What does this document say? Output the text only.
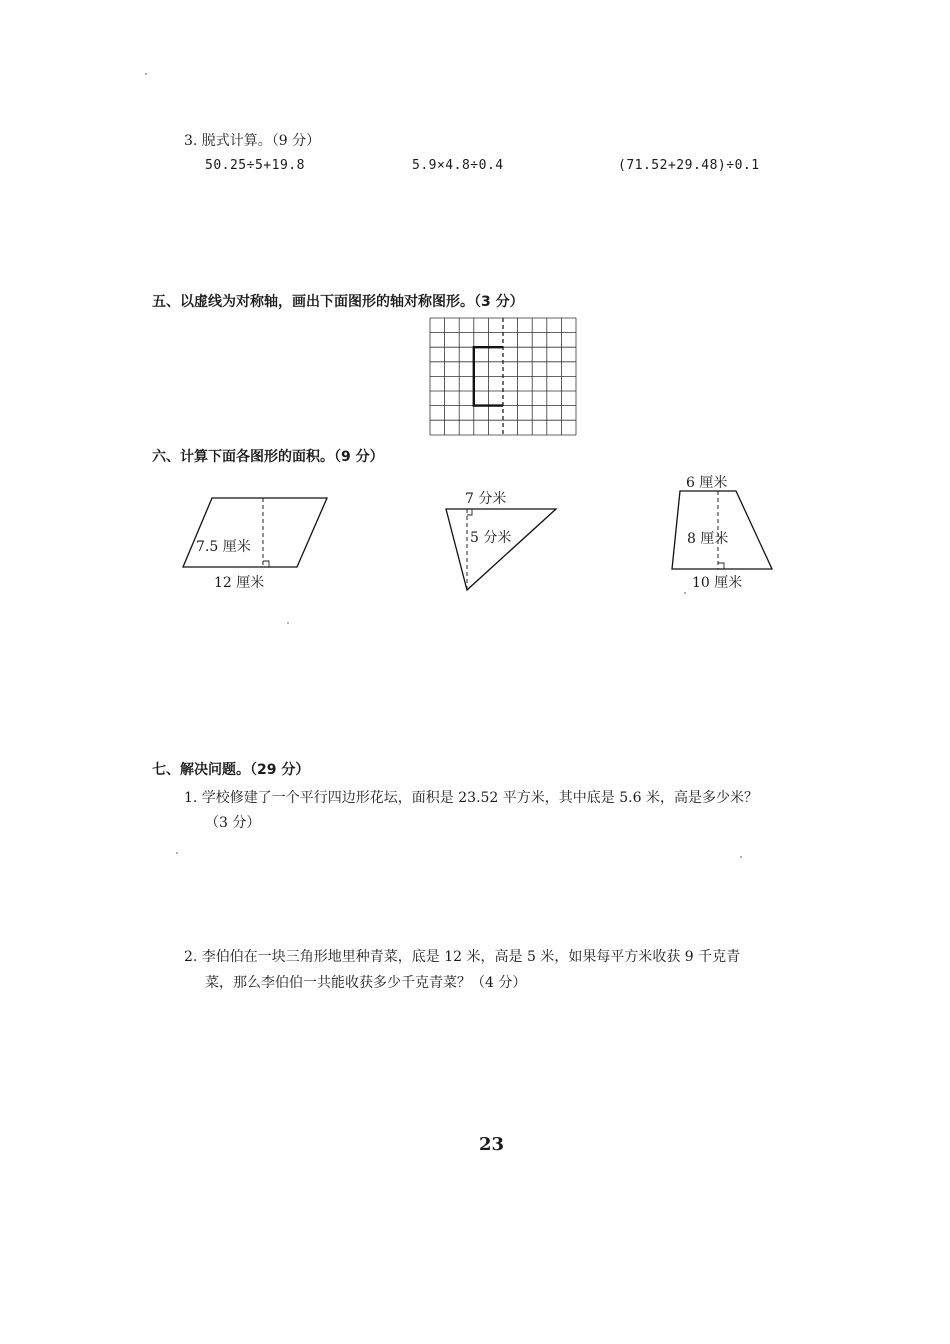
3. 脱式计算。（9 分）
50.25÷5+19.8	5.9×4.8÷0.4	(71.52+29.48)÷0.1
五、以虚线为对称轴，画出下面图形的轴对称图形。（3 分）
六、计算下面各图形的面积。（9 分）
7.5 厘米
12 厘米
7 分米
5 分米
6 厘米
8 厘米
10 厘米
七、解决问题。（29 分）
1. 学校修建了一个平行四边形花坛，面积是 23.52 平方米，其中底是 5.6 米，高是多少米？
（3 分）
2. 李伯伯在一块三角形地里种青菜，底是 12 米，高是 5 米，如果每平方米收获 9 千克青
菜，那么李伯伯一共能收获多少千克青菜？（4 分）
23
